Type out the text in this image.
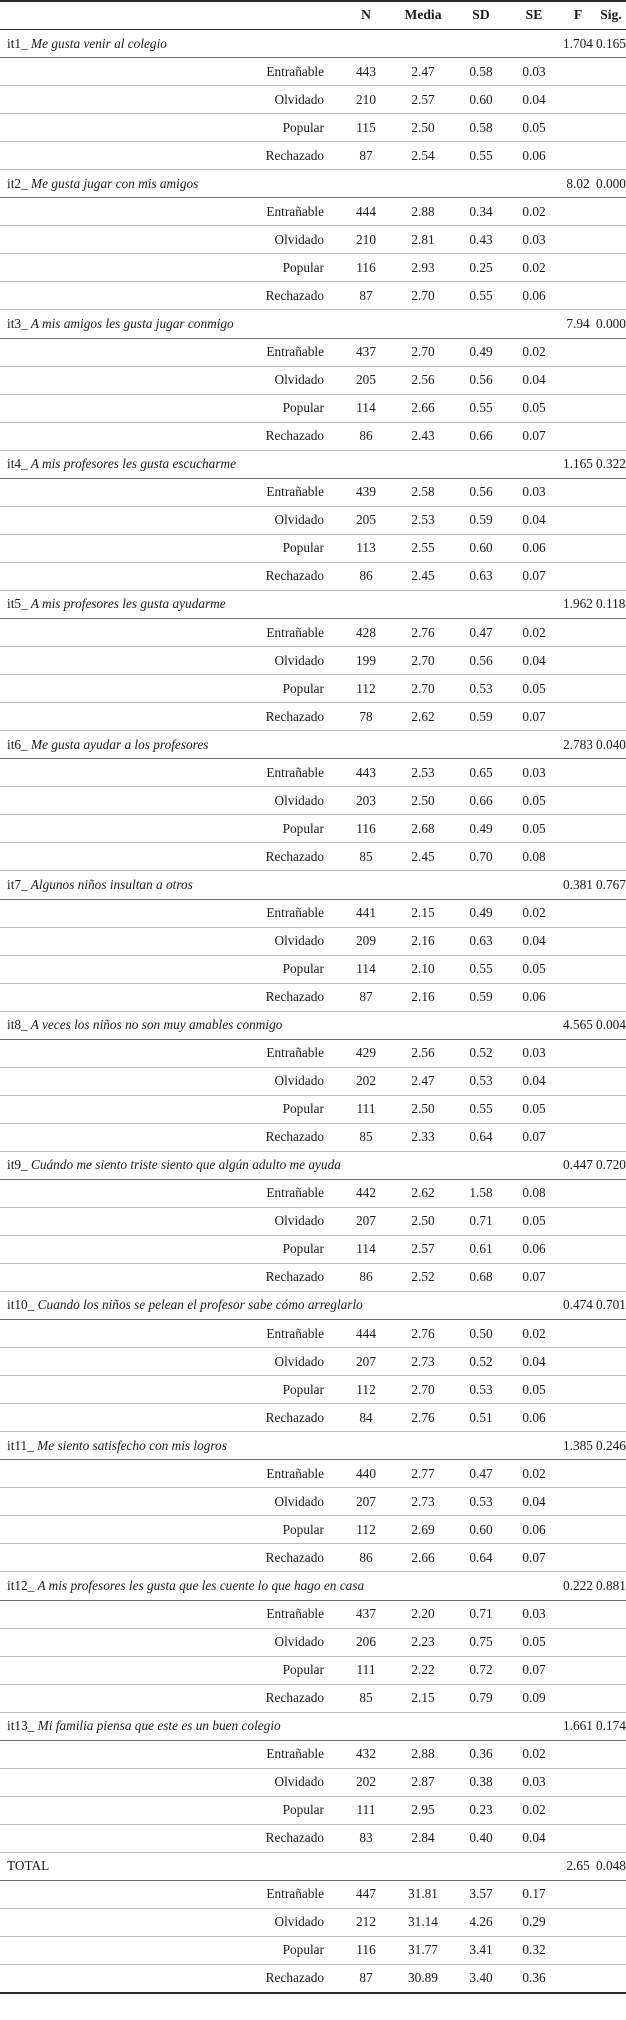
		N	Media	SD	SE	F	Sig.
it1_ Me gusta venir al colegio						1.704	0.165
	Entrañable	443	2.47	0.58	0.03		
	Olvidado	210	2.57	0.60	0.04		
	Popular	115	2.50	0.58	0.05		
	Rechazado	87	2.54	0.55	0.06		
it2_ Me gusta jugar con mis amigos						8.02	0.000
	Entrañable	444	2.88	0.34	0.02		
	Olvidado	210	2.81	0.43	0.03		
	Popular	116	2.93	0.25	0.02		
	Rechazado	87	2.70	0.55	0.06		
it3_ A mis amigos les gusta jugar conmigo						7.94	0.000
	Entrañable	437	2.70	0.49	0.02		
	Olvidado	205	2.56	0.56	0.04		
	Popular	114	2.66	0.55	0.05		
	Rechazado	86	2.43	0.66	0.07		
it4_ A mis profesores les gusta escucharme						1.165	0.322
	Entrañable	439	2.58	0.56	0.03		
	Olvidado	205	2.53	0.59	0.04		
	Popular	113	2.55	0.60	0.06		
	Rechazado	86	2.45	0.63	0.07		
it5_ A mis profesores les gusta ayudarme						1.962	0.118
	Entrañable	428	2.76	0.47	0.02		
	Olvidado	199	2.70	0.56	0.04		
	Popular	112	2.70	0.53	0.05		
	Rechazado	78	2.62	0.59	0.07		
it6_ Me gusta ayudar a los profesores						2.783	0.040
	Entrañable	443	2.53	0.65	0.03		
	Olvidado	203	2.50	0.66	0.05		
	Popular	116	2.68	0.49	0.05		
	Rechazado	85	2.45	0.70	0.08		
it7_ Algunos niños insultan a otros						0.381	0.767
	Entrañable	441	2.15	0.49	0.02		
	Olvidado	209	2.16	0.63	0.04		
	Popular	114	2.10	0.55	0.05		
	Rechazado	87	2.16	0.59	0.06		
it8_ A veces los niños no son muy amables conmigo						4.565	0.004
	Entrañable	429	2.56	0.52	0.03		
	Olvidado	202	2.47	0.53	0.04		
	Popular	111	2.50	0.55	0.05		
	Rechazado	85	2.33	0.64	0.07		
it9_ Cuándo me siento triste siento que algún adulto me ayuda						0.447	0.720
	Entrañable	442	2.62	1.58	0.08		
	Olvidado	207	2.50	0.71	0.05		
	Popular	114	2.57	0.61	0.06		
	Rechazado	86	2.52	0.68	0.07		
it10_ Cuando los niños se pelean el profesor sabe cómo arreglarlo						0.474	0.701
	Entrañable	444	2.76	0.50	0.02		
	Olvidado	207	2.73	0.52	0.04		
	Popular	112	2.70	0.53	0.05		
	Rechazado	84	2.76	0.51	0.06		
it11_ Me siento satisfecho con mis logros						1.385	0.246
	Entrañable	440	2.77	0.47	0.02		
	Olvidado	207	2.73	0.53	0.04		
	Popular	112	2.69	0.60	0.06		
	Rechazado	86	2.66	0.64	0.07		
it12_ A mis profesores les gusta que les cuente lo que hago en casa						0.222	0.881
	Entrañable	437	2.20	0.71	0.03		
	Olvidado	206	2.23	0.75	0.05		
	Popular	111	2.22	0.72	0.07		
	Rechazado	85	2.15	0.79	0.09		
it13_ Mi familia piensa que este es un buen colegio						1.661	0.174
	Entrañable	432	2.88	0.36	0.02		
	Olvidado	202	2.87	0.38	0.03		
	Popular	111	2.95	0.23	0.02		
	Rechazado	83	2.84	0.40	0.04		
TOTAL						2.65	0.048
	Entrañable	447	31.81	3.57	0.17		
	Olvidado	212	31.14	4.26	0.29		
	Popular	116	31.77	3.41	0.32		
	Rechazado	87	30.89	3.40	0.36		
